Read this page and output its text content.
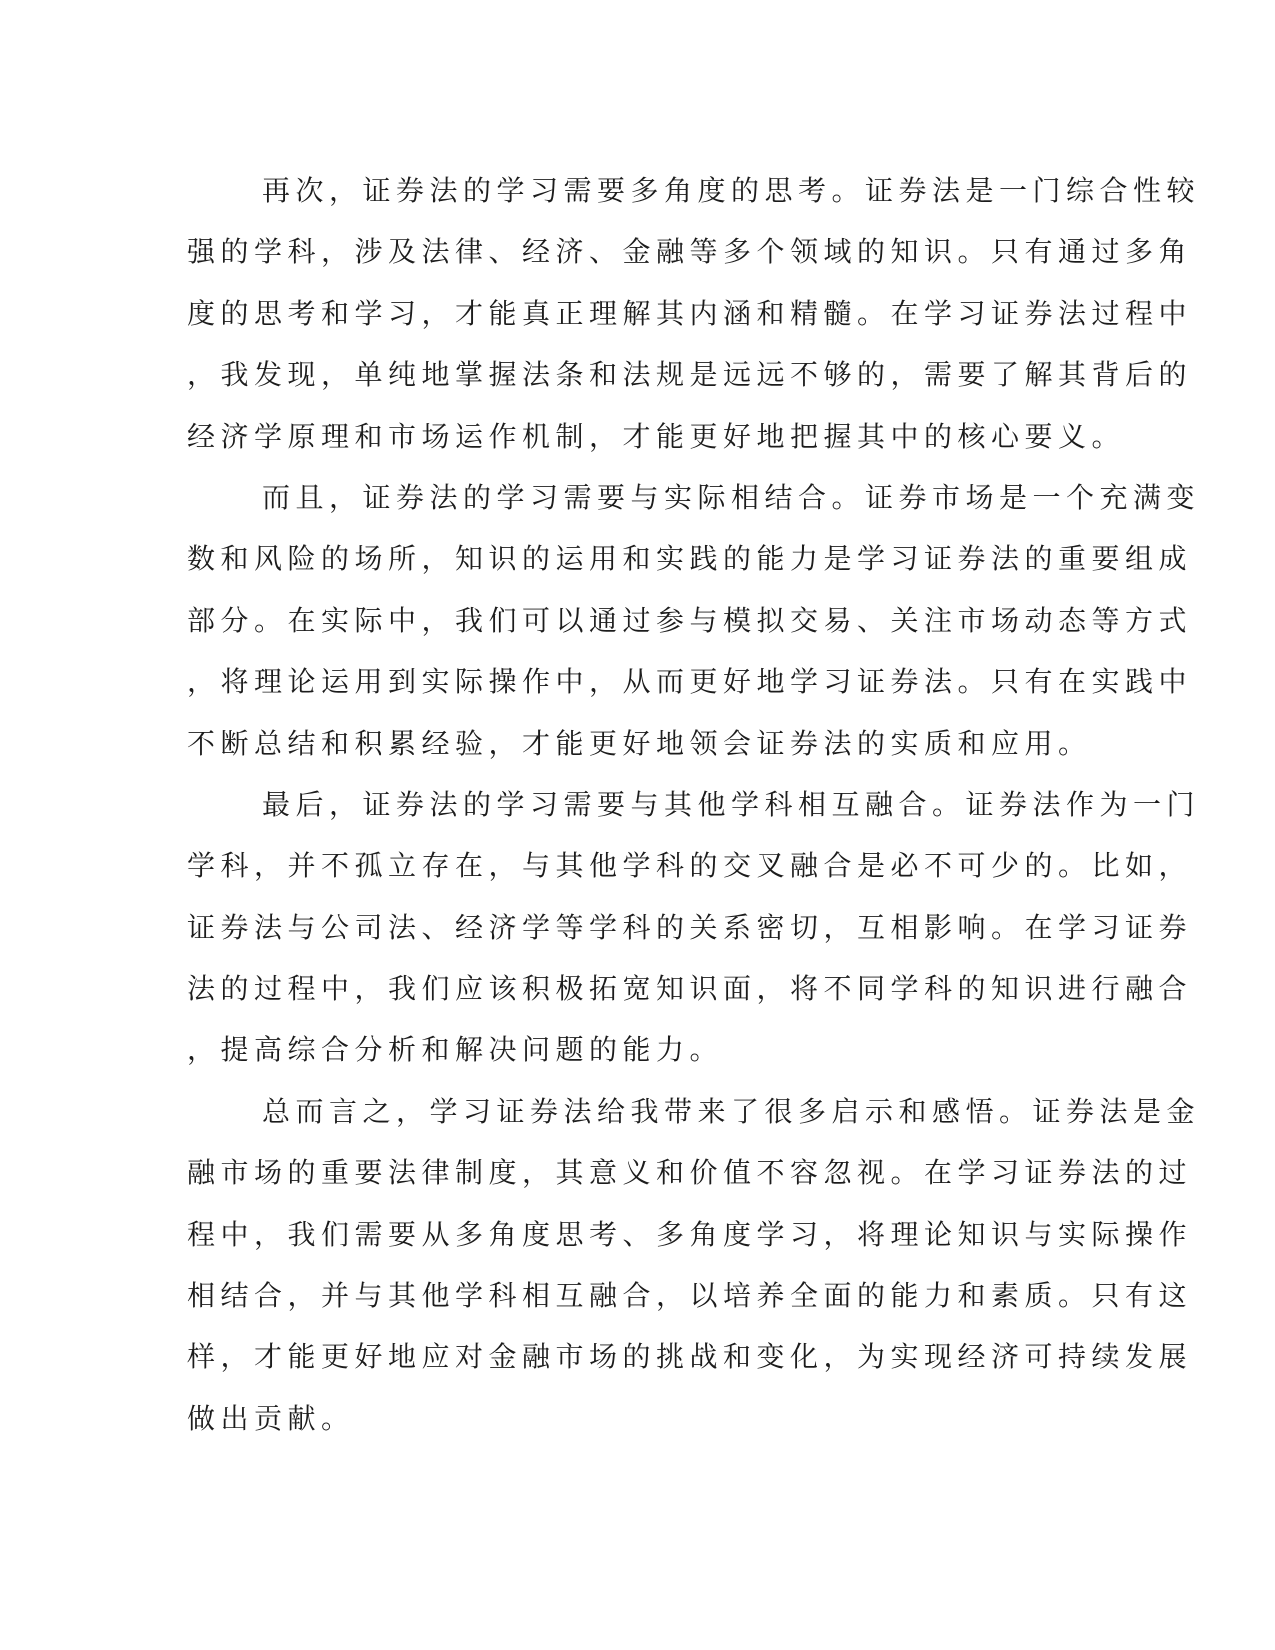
再次，证券法的学习需要多角度的思考。证券法是一门综合性较
强的学科，涉及法律、经济、金融等多个领域的知识。只有通过多角
度的思考和学习，才能真正理解其内涵和精髓。在学习证券法过程中
，我发现，单纯地掌握法条和法规是远远不够的，需要了解其背后的
经济学原理和市场运作机制，才能更好地把握其中的核心要义。
而且，证券法的学习需要与实际相结合。证券市场是一个充满变
数和风险的场所，知识的运用和实践的能力是学习证券法的重要组成
部分。在实际中，我们可以通过参与模拟交易、关注市场动态等方式
，将理论运用到实际操作中，从而更好地学习证券法。只有在实践中
不断总结和积累经验，才能更好地领会证券法的实质和应用。
最后，证券法的学习需要与其他学科相互融合。证券法作为一门
学科，并不孤立存在，与其他学科的交叉融合是必不可少的。比如，
证券法与公司法、经济学等学科的关系密切，互相影响。在学习证券
法的过程中，我们应该积极拓宽知识面，将不同学科的知识进行融合
，提高综合分析和解决问题的能力。
总而言之，学习证券法给我带来了很多启示和感悟。证券法是金
融市场的重要法律制度，其意义和价值不容忽视。在学习证券法的过
程中，我们需要从多角度思考、多角度学习，将理论知识与实际操作
相结合，并与其他学科相互融合，以培养全面的能力和素质。只有这
样，才能更好地应对金融市场的挑战和变化，为实现经济可持续发展
做出贡献。
